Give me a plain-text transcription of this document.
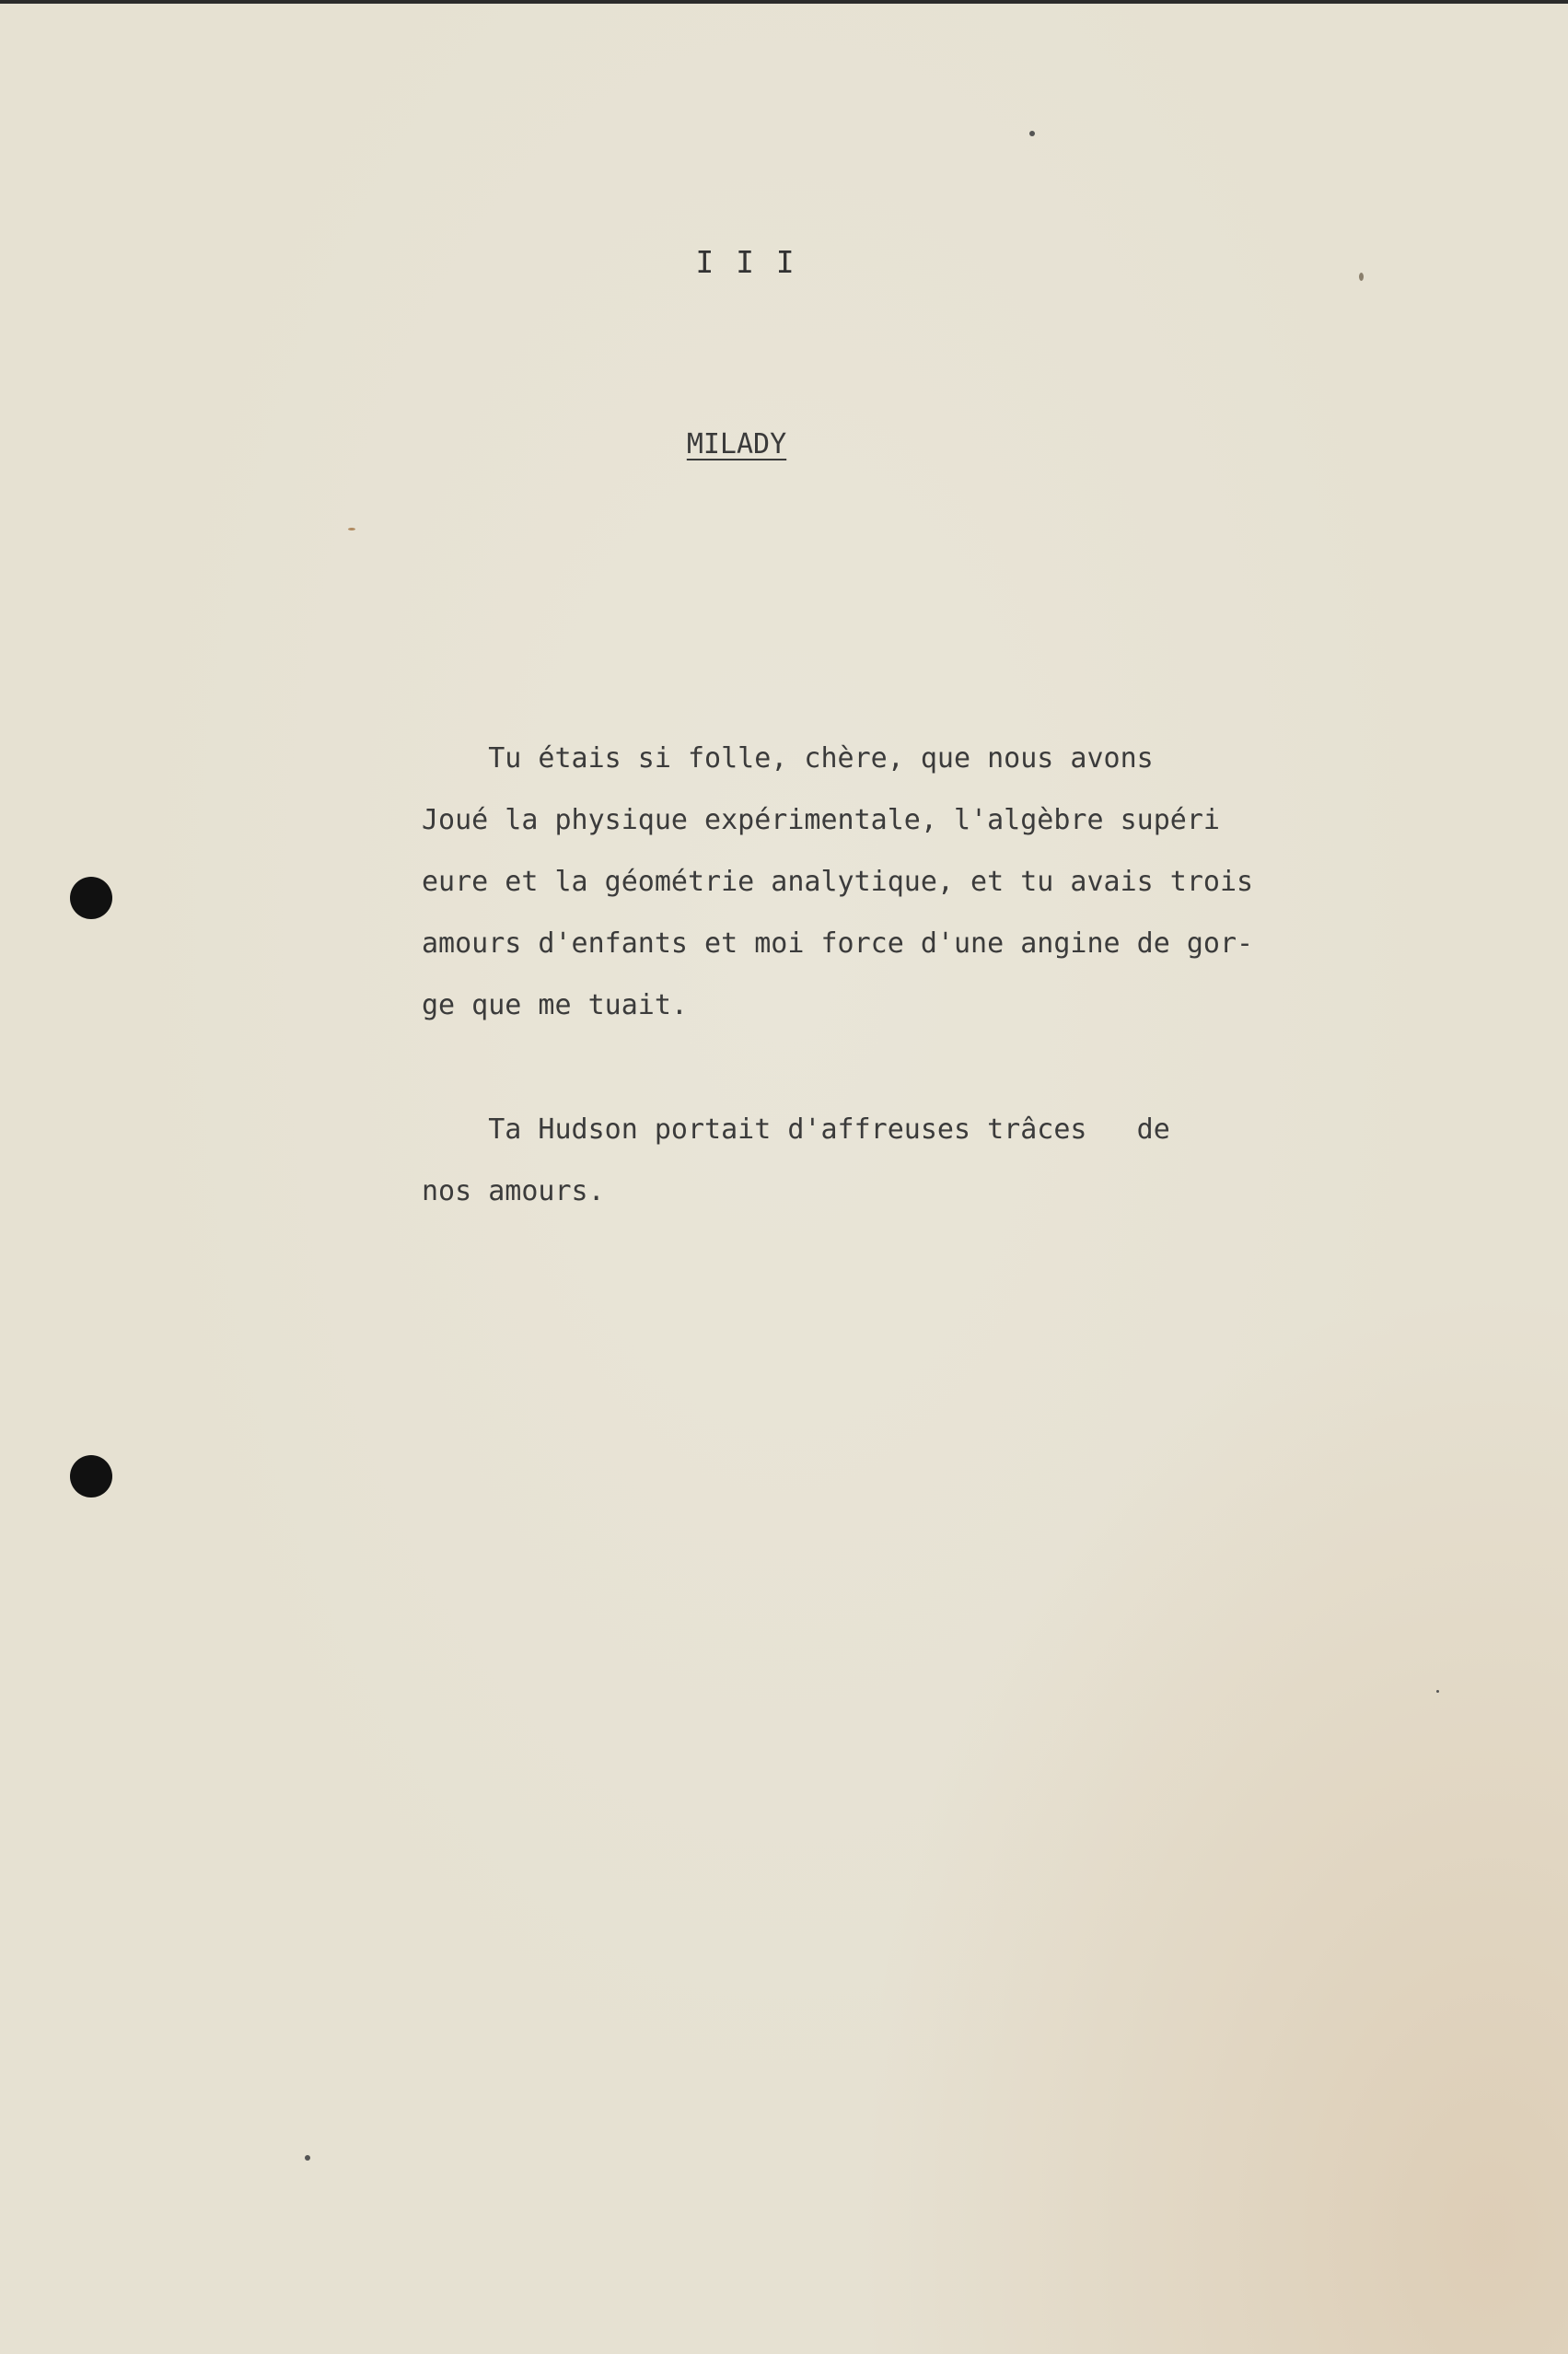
I I I
MILADY
Tu étais si folle, chère, que nous avons
Joué la physique expérimentale, l'algèbre supéri
eure et la géométrie analytique, et tu avais trois
amours d'enfants et moi force d'une angine de gor-
ge que me tuait.
Ta Hudson portait d'affreuses trâces   de
nos amours.
